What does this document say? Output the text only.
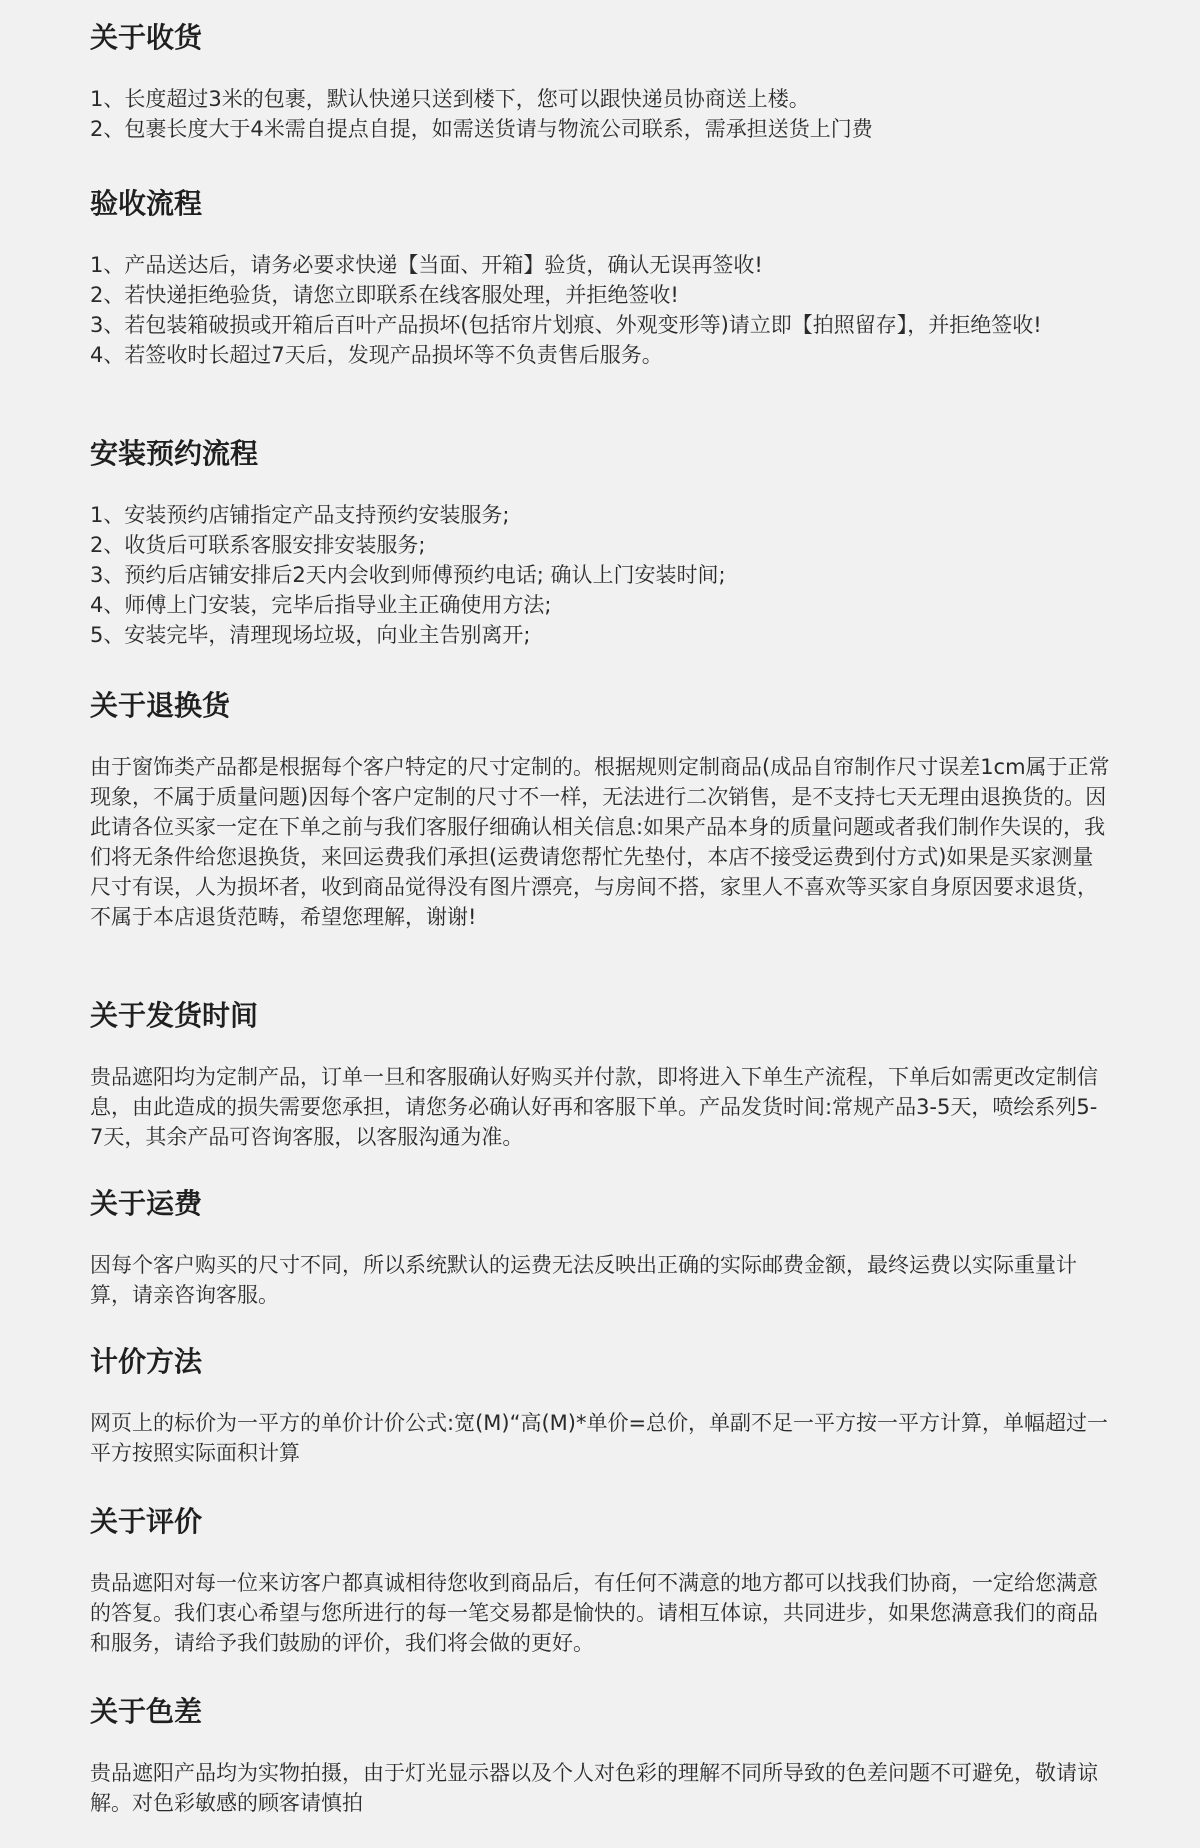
关于收货
1、 长度超过3米的包裹，默认快递只送到楼下，您可以跟快递员协商送上楼。
2、 包裹长度大于4米需自提点自提，如需送货请与物流公司联系，需承担送货上门费
验收流程
1、 产品送达后，请务必要求快递【当面、开箱】验货，确认无误再签收!
2、 若快递拒绝验货，请您立即联系在线客服处理，并拒绝签收!
3、 若包装箱破损或开箱后百叶产品损坏(包括帘片划痕、外观变形等)请立即【拍照留存】，并拒绝签收!
4、 若签收时长超过7天后，发现产品损坏等不负责售后服务。
安装预约流程
1、 安装预约店铺指定产品支持预约安装服务;
2、 收货后可联系客服安排安装服务;
3、 预约后店铺安排后2天内会收到师傅预约电话; 确认上门安装时间;
4、 师傅上门安装，完毕后指导业主正确使用方法;
5、 安装完毕，清理现场垃圾，向业主告别离开;
关于退换货

由于窗饰类产品都是根据每个客户特定的尺寸定制的。根据规则定制商品(成品自帘制作尺寸误差1cm属于正常现象，不属于质量问题)因每个客户定制的尺寸不一样，无法进行二次销售，是不支持七天无理由退换货的。因此请各位买家一定在下单之前与我们客服仔细确认相关信息:如果产品本身的质量问题或者我们制作失误的，我们将无条件给您退换货，来回运费我们承担(运费请您帮忙先垫付，本店不接受运费到付方式)如果是买家测量尺寸有误，人为损坏者，收到商品觉得没有图片漂亮，与房间不搭，家里人不喜欢等买家自身原因要求退货，不属于本店退货范畴，希望您理解，谢谢!

关于发货时间

贵品遮阳均为定制产品，订单一旦和客服确认好购买并付款，即将进入下单生产流程，下单后如需更改定制信息，由此造成的损失需要您承担，请您务必确认好再和客服下单。产品发货时间:常规产品3-5天，喷绘系列5-7天，其余产品可咨询客服，以客服沟通为准。

关于运费

因每个客户购买的尺寸不同，所以系统默认的运费无法反映出正确的实际邮费金额，最终运费以实际重量计算，请亲咨询客服。

计价方法

网页上的标价为一平方的单价计价公式:宽(M)“高(M)*单价=总价，单副不足一平方按一平方计算，单幅超过一平方按照实际面积计算

关于评价

贵品遮阳对每一位来访客户都真诚相待您收到商品后，有任何不满意的地方都可以找我们协商，一定给您满意的答复。我们衷心希望与您所进行的每一笔交易都是愉快的。请相互体谅，共同进步，如果您满意我们的商品和服务，请给予我们鼓励的评价，我们将会做的更好。

关于色差

贵品遮阳产品均为实物拍摄，由于灯光显示器以及个人对色彩的理解不同所导致的色差问题不可避免，敬请谅解。对色彩敏感的顾客请慎拍
